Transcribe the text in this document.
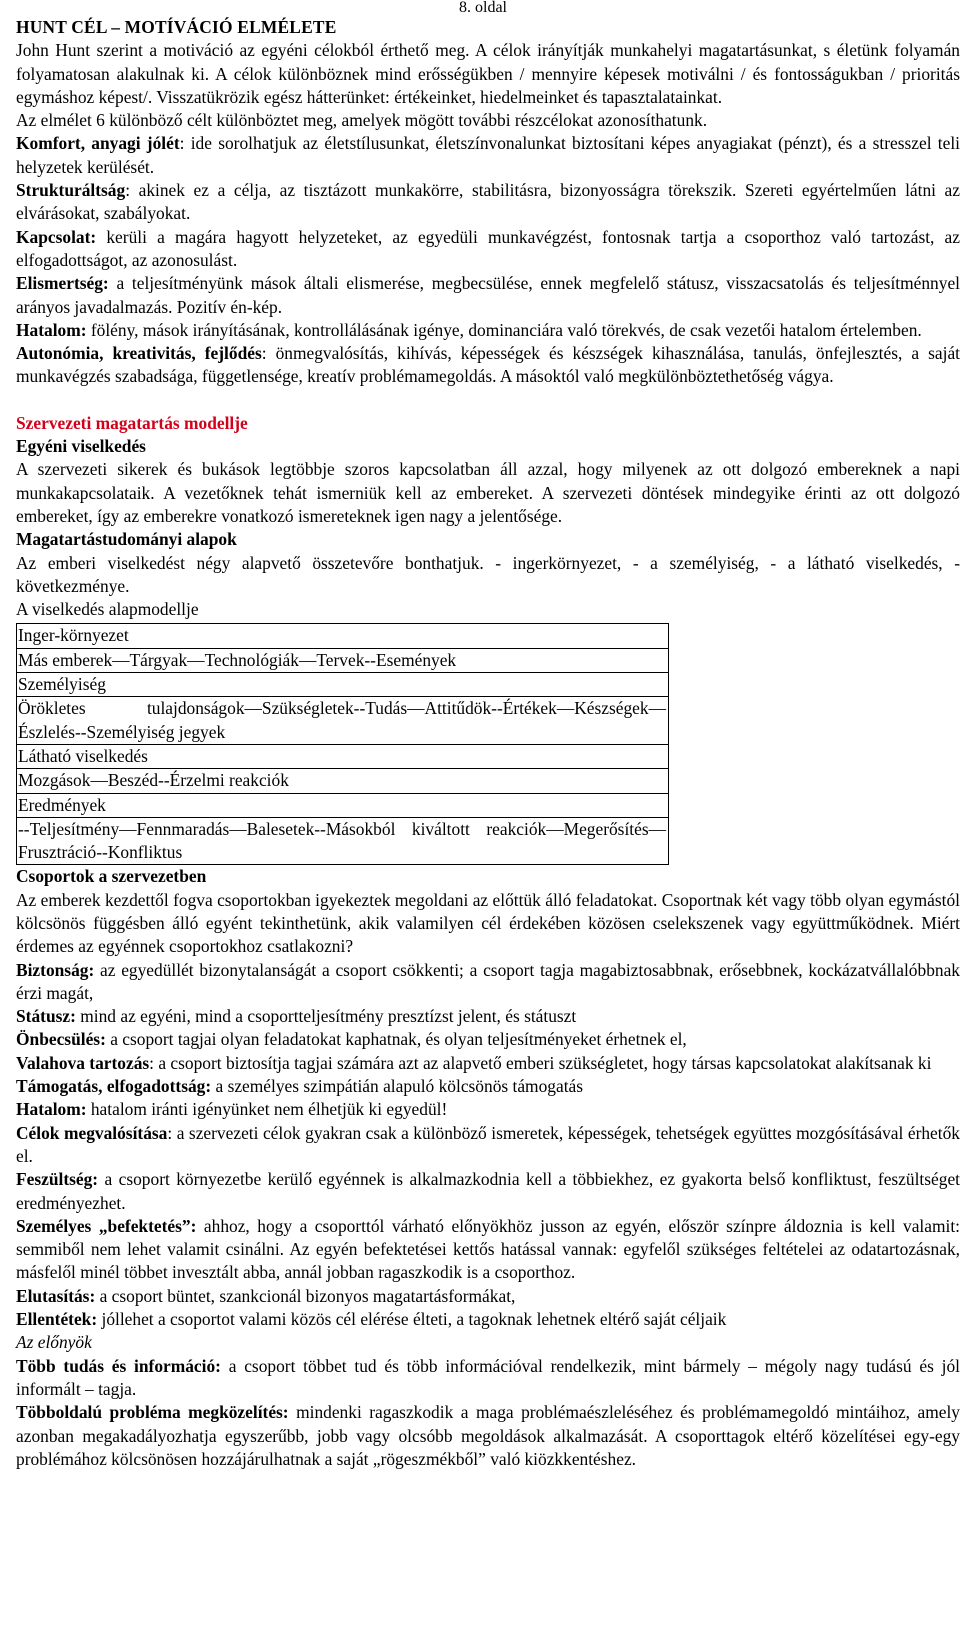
8. oldal

HUNT CÉL – MOTÍVÁCIÓ ELMÉLETE

John Hunt szerint a motiváció az egyéni célokból érthető meg. A célok irányítják munkahelyi magatartásunkat, s életünk folyamán folyamatosan alakulnak ki. A célok különböznek mind erősségükben / mennyire képesek motiválni / és fontosságukban / prioritás egymáshoz képest/. Visszatükrözik egész hátterünket: értékeinket, hiedelmeinket és tapasztalatainkat.

Az elmélet 6 különböző célt különböztet meg, amelyek mögött további részcélokat azonosíthatunk.

Komfort, anyagi jólét: ide sorolhatjuk az életstílusunkat, életszínvonalunkat biztosítani képes anyagiakat (pénzt), és a stresszel teli helyzetek kerülését.

Strukturáltság: akinek ez a célja, az tisztázott munkakörre, stabilitásra, bizonyosságra törekszik. Szereti egyértelműen látni az elvárásokat, szabályokat.

Kapcsolat: kerüli a magára hagyott helyzeteket, az egyedüli munkavégzést, fontosnak tartja a csoporthoz való tartozást, az elfogadottságot, az azonosulást.

Elismertség: a teljesítményünk mások általi elismerése, megbecsülése, ennek megfelelő státusz, visszacsatolás és teljesítménnyel arányos javadalmazás. Pozitív én-kép.

Hatalom: fölény, mások irányításának, kontrollálásának igénye, dominanciára való törekvés, de csak vezetői hatalom értelemben.

Autonómia, kreativitás, fejlődés: önmegvalósítás, kihívás, képességek és készségek kihasználása, tanulás, önfejlesztés, a saját munkavégzés szabadsága, függetlensége, kreatív problémamegoldás. A másoktól való megkülönböztethetőség vágya.

Szervezeti magatartás modellje

Egyéni viselkedés

A szervezeti sikerek és bukások legtöbbje szoros kapcsolatban áll azzal, hogy milyenek az ott dolgozó embereknek a napi munkakapcsolataik. A vezetőknek tehát ismerniük kell az embereket. A szervezeti döntések mindegyike érinti az ott dolgozó embereket, így az emberekre vonatkozó ismereteknek igen nagy a jelentősége.

Magatartástudományi alapok

Az emberi viselkedést négy alapvető összetevőre bonthatjuk. - ingerkörnyezet, - a személyiség, - a látható viselkedés, - következménye.

A viselkedés alapmodellje

Inger-környezet
Más emberek—Tárgyak—Technológiák—Tervek--Események
Személyiség
Örökletes tulajdonságok—Szükségletek--Tudás—Attitűdök--Értékek—Készségek—Észlelés--Személyiség jegyek
Látható viselkedés
Mozgások—Beszéd--Érzelmi reakciók
Eredmények
--Teljesítmény—Fennmaradás—Balesetek--Másokból kiváltott reakciók—Megerősítés—Frusztráció--Konfliktus

Csoportok a szervezetben

Az emberek kezdettől fogva csoportokban igyekeztek megoldani az előttük álló feladatokat. Csoportnak két vagy több olyan egymástól kölcsönös függésben álló egyént tekinthetünk, akik valamilyen cél érdekében közösen cselekszenek vagy együttműködnek. Miért érdemes az egyénnek csoportokhoz csatlakozni?

Biztonság: az egyedüllét bizonytalanságát a csoport csökkenti; a csoport tagja magabiztosabbnak, erősebbnek, kockázatvállalóbbnak érzi magát,

Státusz: mind az egyéni, mind a csoportteljesítmény presztízst jelent, és státuszt

Önbecsülés: a csoport tagjai olyan feladatokat kaphatnak, és olyan teljesítményeket érhetnek el,

Valahova tartozás: a csoport biztosítja tagjai számára azt az alapvető emberi szükségletet, hogy társas kapcsolatokat alakítsanak ki

Támogatás, elfogadottság: a személyes szimpátián alapuló kölcsönös támogatás

Hatalom: hatalom iránti igényünket nem élhetjük ki egyedül!

Célok megvalósítása: a szervezeti célok gyakran csak a különböző ismeretek, képességek, tehetségek együttes mozgósításával érhetők el.

Feszültség: a csoport környezetbe kerülő egyénnek is alkalmazkodnia kell a többiekhez, ez gyakorta belső konfliktust, feszültséget eredményezhet.

Személyes „befektetés”: ahhoz, hogy a csoporttól várható előnyökhöz jusson az egyén, először színpre áldoznia is kell valamit: semmiből nem lehet valamit csinálni. Az egyén befektetései kettős hatással vannak: egyfelől szükséges feltételei az odatartozásnak, másfelől minél többet invesztált abba, annál jobban ragaszkodik is a csoporthoz.

Elutasítás: a csoport büntet, szankcionál bizonyos magatartásformákat,

Ellentétek: jóllehet a csoportot valami közös cél elérése élteti, a tagoknak lehetnek eltérő saját céljaik

Az előnyök

Több tudás és információ: a csoport többet tud és több információval rendelkezik, mint bármely – mégoly nagy tudású és jól informált – tagja.

Többoldalú probléma megközelítés: mindenki ragaszkodik a maga problémaészleléséhez és problémamegoldó mintáihoz, amely azonban megakadályozhatja egyszerűbb, jobb vagy olcsóbb megoldások alkalmazását. A csoporttagok eltérő közelítései egy-egy problémához kölcsönösen hozzájárulhatnak a saját „rögeszmékből” való kiözkkentéshez.
